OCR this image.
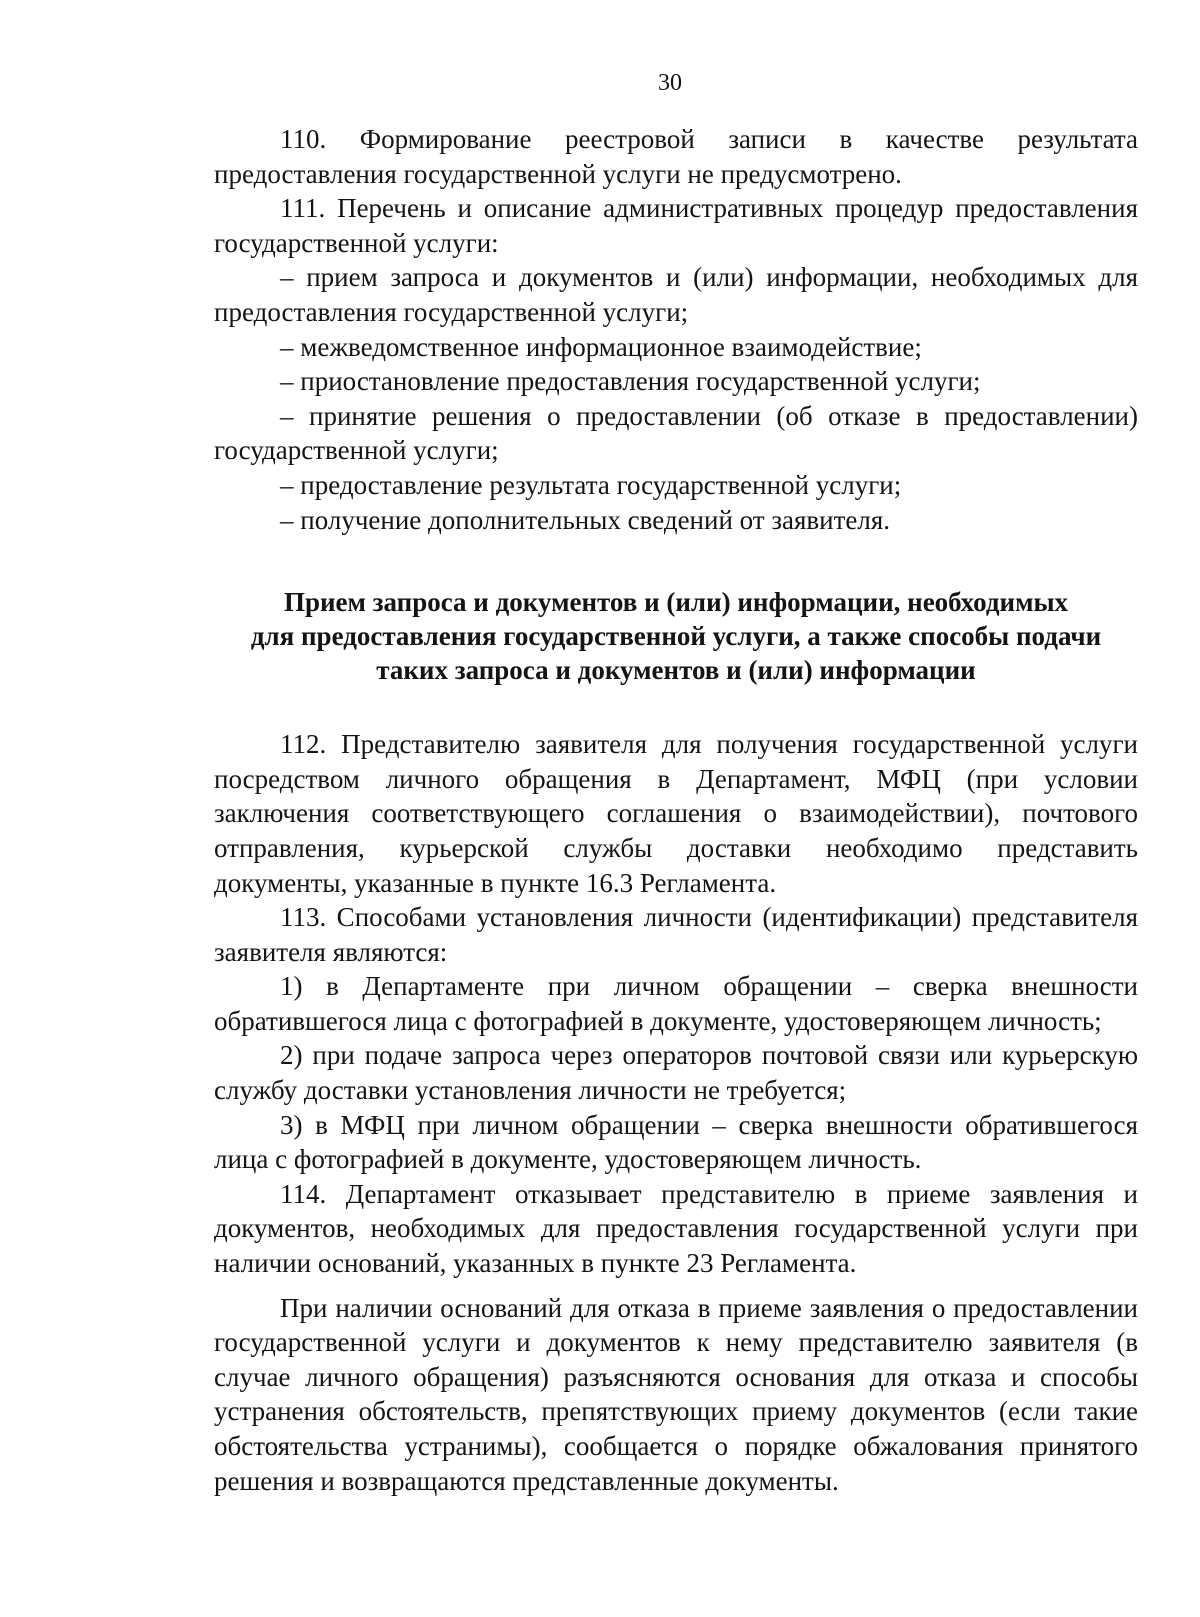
30

110. Формирование реестровой записи в качестве результата предоставления государственной услуги не предусмотрено.

111. Перечень и описание административных процедур предоставления государственной услуги:

– прием запроса и документов и (или) информации, необходимых для предоставления государственной услуги;

– межведомственное информационное взаимодействие;

– приостановление предоставления государственной услуги;

– принятие решения о предоставлении (об отказе в предоставлении) государственной услуги;

– предоставление результата государственной услуги;

– получение дополнительных сведений от заявителя.

Прием запроса и документов и (или) информации, необходимых
для предоставления государственной услуги, а также способы подачи
таких запроса и документов и (или) информации

112. Представителю заявителя для получения государственной услуги посредством личного обращения в Департамент, МФЦ (при условии заключения соответствующего соглашения о взаимодействии), почтового отправления, курьерской службы доставки необходимо представить документы, указанные в пункте 16.3 Регламента.

113. Способами установления личности (идентификации) представителя заявителя являются:

1) в Департаменте при личном обращении – сверка внешности обратившегося лица с фотографией в документе, удостоверяющем личность;

2) при подаче запроса через операторов почтовой связи или курьерскую службу доставки установления личности не требуется;

3) в МФЦ при личном обращении – сверка внешности обратившегося лица с фотографией в документе, удостоверяющем личность.

114. Департамент отказывает представителю в приеме заявления и документов, необходимых для предоставления государственной услуги при наличии оснований, указанных в пункте 23 Регламента.

При наличии оснований для отказа в приеме заявления о предоставлении государственной услуги и документов к нему представителю заявителя (в случае личного обращения) разъясняются основания для отказа и способы устранения обстоятельств, препятствующих приему документов (если такие обстоятельства устранимы), сообщается о порядке обжалования принятого решения и возвращаются представленные документы.
